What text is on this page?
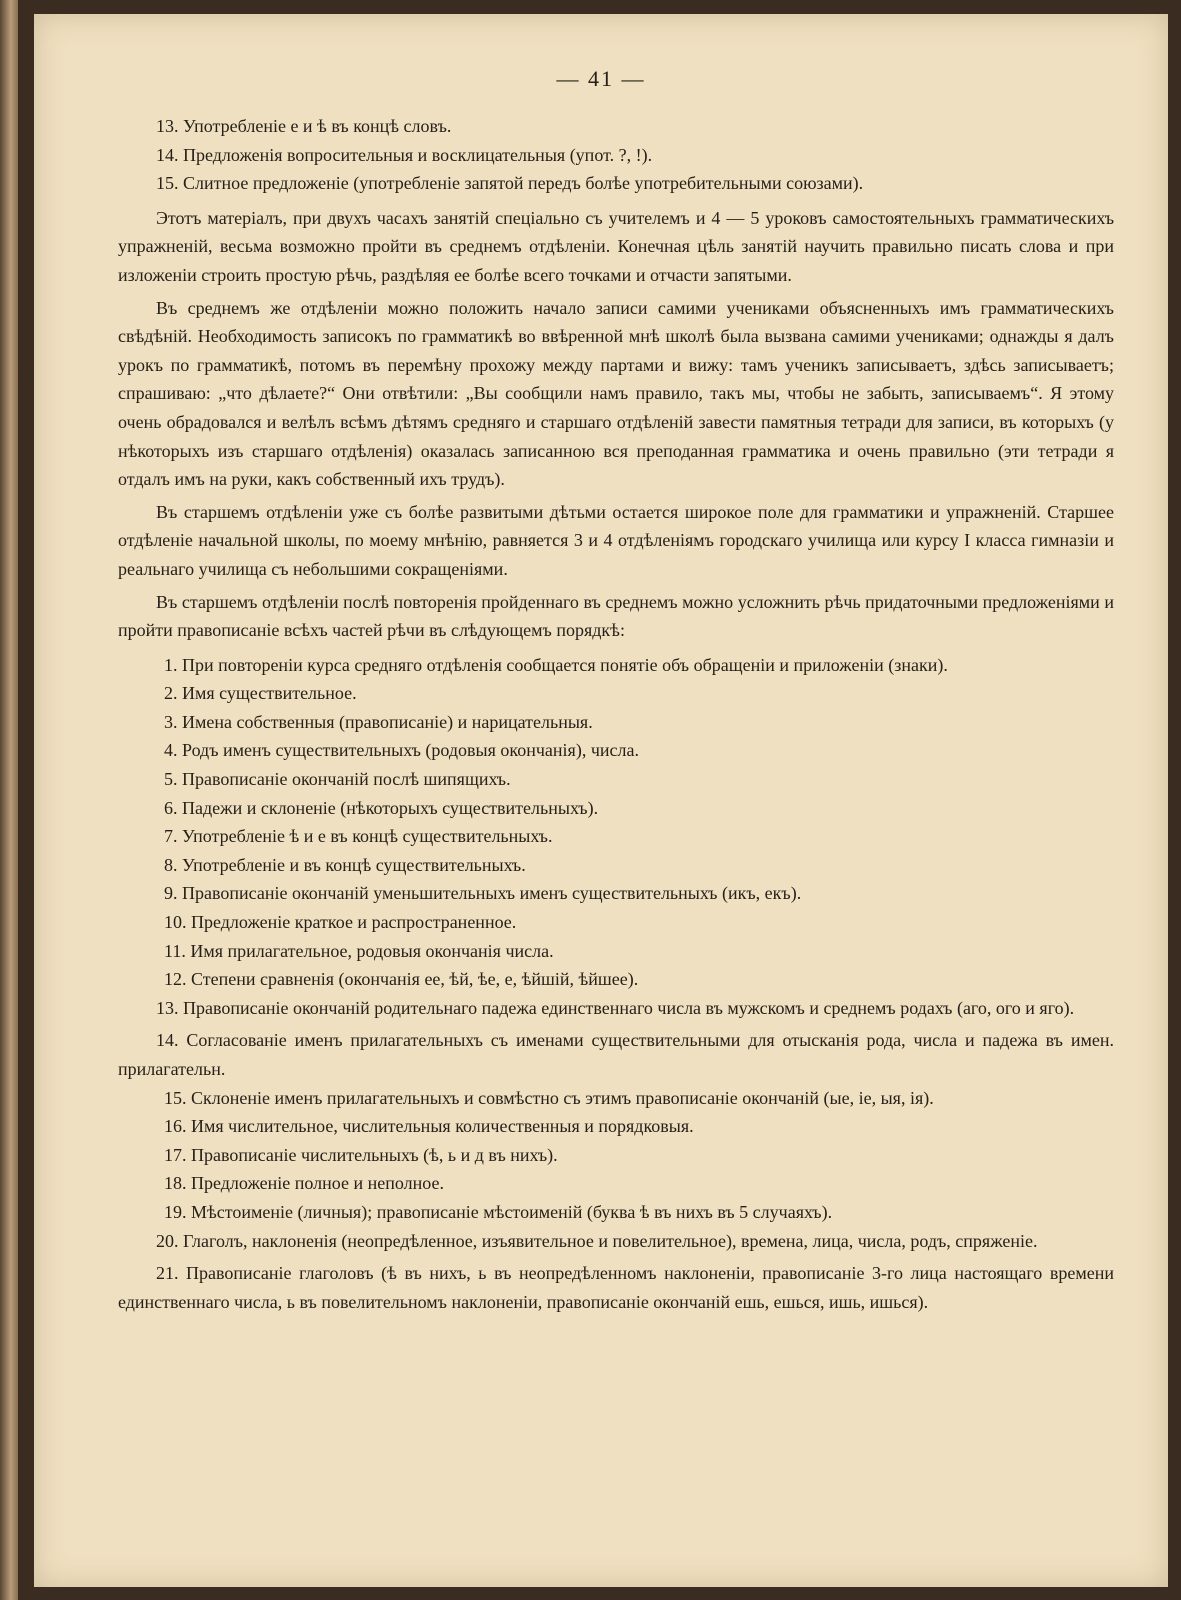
— 41 —

13. Употребленіе е и ѣ въ концѣ словъ.

14. Предложенія вопросительныя и восклицательныя (упот. ?, !).

15. Слитное предложеніе (употребленіе запятой передъ болѣе употребительными союзами).

Этотъ матеріалъ, при двухъ часахъ занятій спеціально съ учителемъ и 4 — 5 уроковъ самостоятельныхъ грамматическихъ упражненій, весьма возможно пройти въ среднемъ отдѣленіи. Конечная цѣль занятій научить правильно писать слова и при изложеніи строить простую рѣчь, раздѣляя ее болѣе всего точками и отчасти запятыми.

Въ среднемъ же отдѣленіи можно положить начало записи самими учениками объясненныхъ имъ грамматическихъ свѣдѣній. Необходимость записокъ по грамматикѣ во ввѣренной мнѣ школѣ была вызвана самими учениками; однажды я далъ урокъ по грамматикѣ, потомъ въ перемѣну прохожу между партами и вижу: тамъ ученикъ записываетъ, здѣсь записываетъ; спрашиваю: „что дѣлаете?“ Они отвѣтили: „Вы сообщили намъ правило, такъ мы, чтобы не забыть, записываемъ“. Я этому очень обрадовался и велѣлъ всѣмъ дѣтямъ средняго и старшаго отдѣленій завести памятныя тетради для записи, въ которыхъ (у нѣкоторыхъ изъ старшаго отдѣленія) оказалась записанною вся преподанная грамматика и очень правильно (эти тетради я отдалъ имъ на руки, какъ собственный ихъ трудъ).

Въ старшемъ отдѣленіи уже съ болѣе развитыми дѣтьми остается широкое поле для грамматики и упражненій. Старшее отдѣленіе начальной школы, по моему мнѣнію, равняется 3 и 4 отдѣленіямъ городскаго училища или курсу I класса гимназіи и реальнаго училища съ небольшими сокращеніями.

Въ старшемъ отдѣленіи послѣ повторенія пройденнаго въ среднемъ можно усложнить рѣчь придаточными предложеніями и пройти правописаніе всѣхъ частей рѣчи въ слѣдующемъ порядкѣ:

1. При повтореніи курса средняго отдѣленія сообщается понятіе объ обращеніи и приложеніи (знаки).

2. Имя существительное.

3. Имена собственныя (правописаніе) и нарицательныя.

4. Родъ именъ существительныхъ (родовыя окончанія), числа.

5. Правописаніе окончаній послѣ шипящихъ.

6. Падежи и склоненіе (нѣкоторыхъ существительныхъ).

7. Употребленіе ѣ и е въ концѣ существительныхъ.

8. Употребленіе и въ концѣ существительныхъ.

9. Правописаніе окончаній уменьшительныхъ именъ существительныхъ (икъ, екъ).

10. Предложеніе краткое и распространенное.

11. Имя прилагательное, родовыя окончанія числа.

12. Степени сравненія (окончанія ее, ѣй, ѣе, е, ѣйшій, ѣйшее).

13. Правописаніе окончаній родительнаго падежа единственнаго числа въ мужскомъ и среднемъ родахъ (аго, ого и яго).

14. Согласованіе именъ прилагательныхъ съ именами существительными для отысканія рода, числа и падежа въ имен. прилагательн.

15. Склоненіе именъ прилагательныхъ и совмѣстно съ этимъ правописаніе окончаній (ые, іе, ыя, ія).

16. Имя числительное, числительныя количественныя и порядковыя.

17. Правописаніе числительныхъ (ѣ, ь и д въ нихъ).

18. Предложеніе полное и неполное.

19. Мѣстоименіе (личныя); правописаніе мѣстоименій (буква ѣ въ нихъ въ 5 случаяхъ).

20. Глаголъ, наклоненія (неопредѣленное, изъявительное и повелительное), времена, лица, числа, родъ, спряженіе.

21. Правописаніе глаголовъ (ѣ въ нихъ, ь въ неопредѣленномъ наклоненіи, правописаніе 3-го лица настоящаго времени единственнаго числа, ь въ повелительномъ наклоненіи, правописаніе окончаній ешь, ешься, ишь, ишься).
